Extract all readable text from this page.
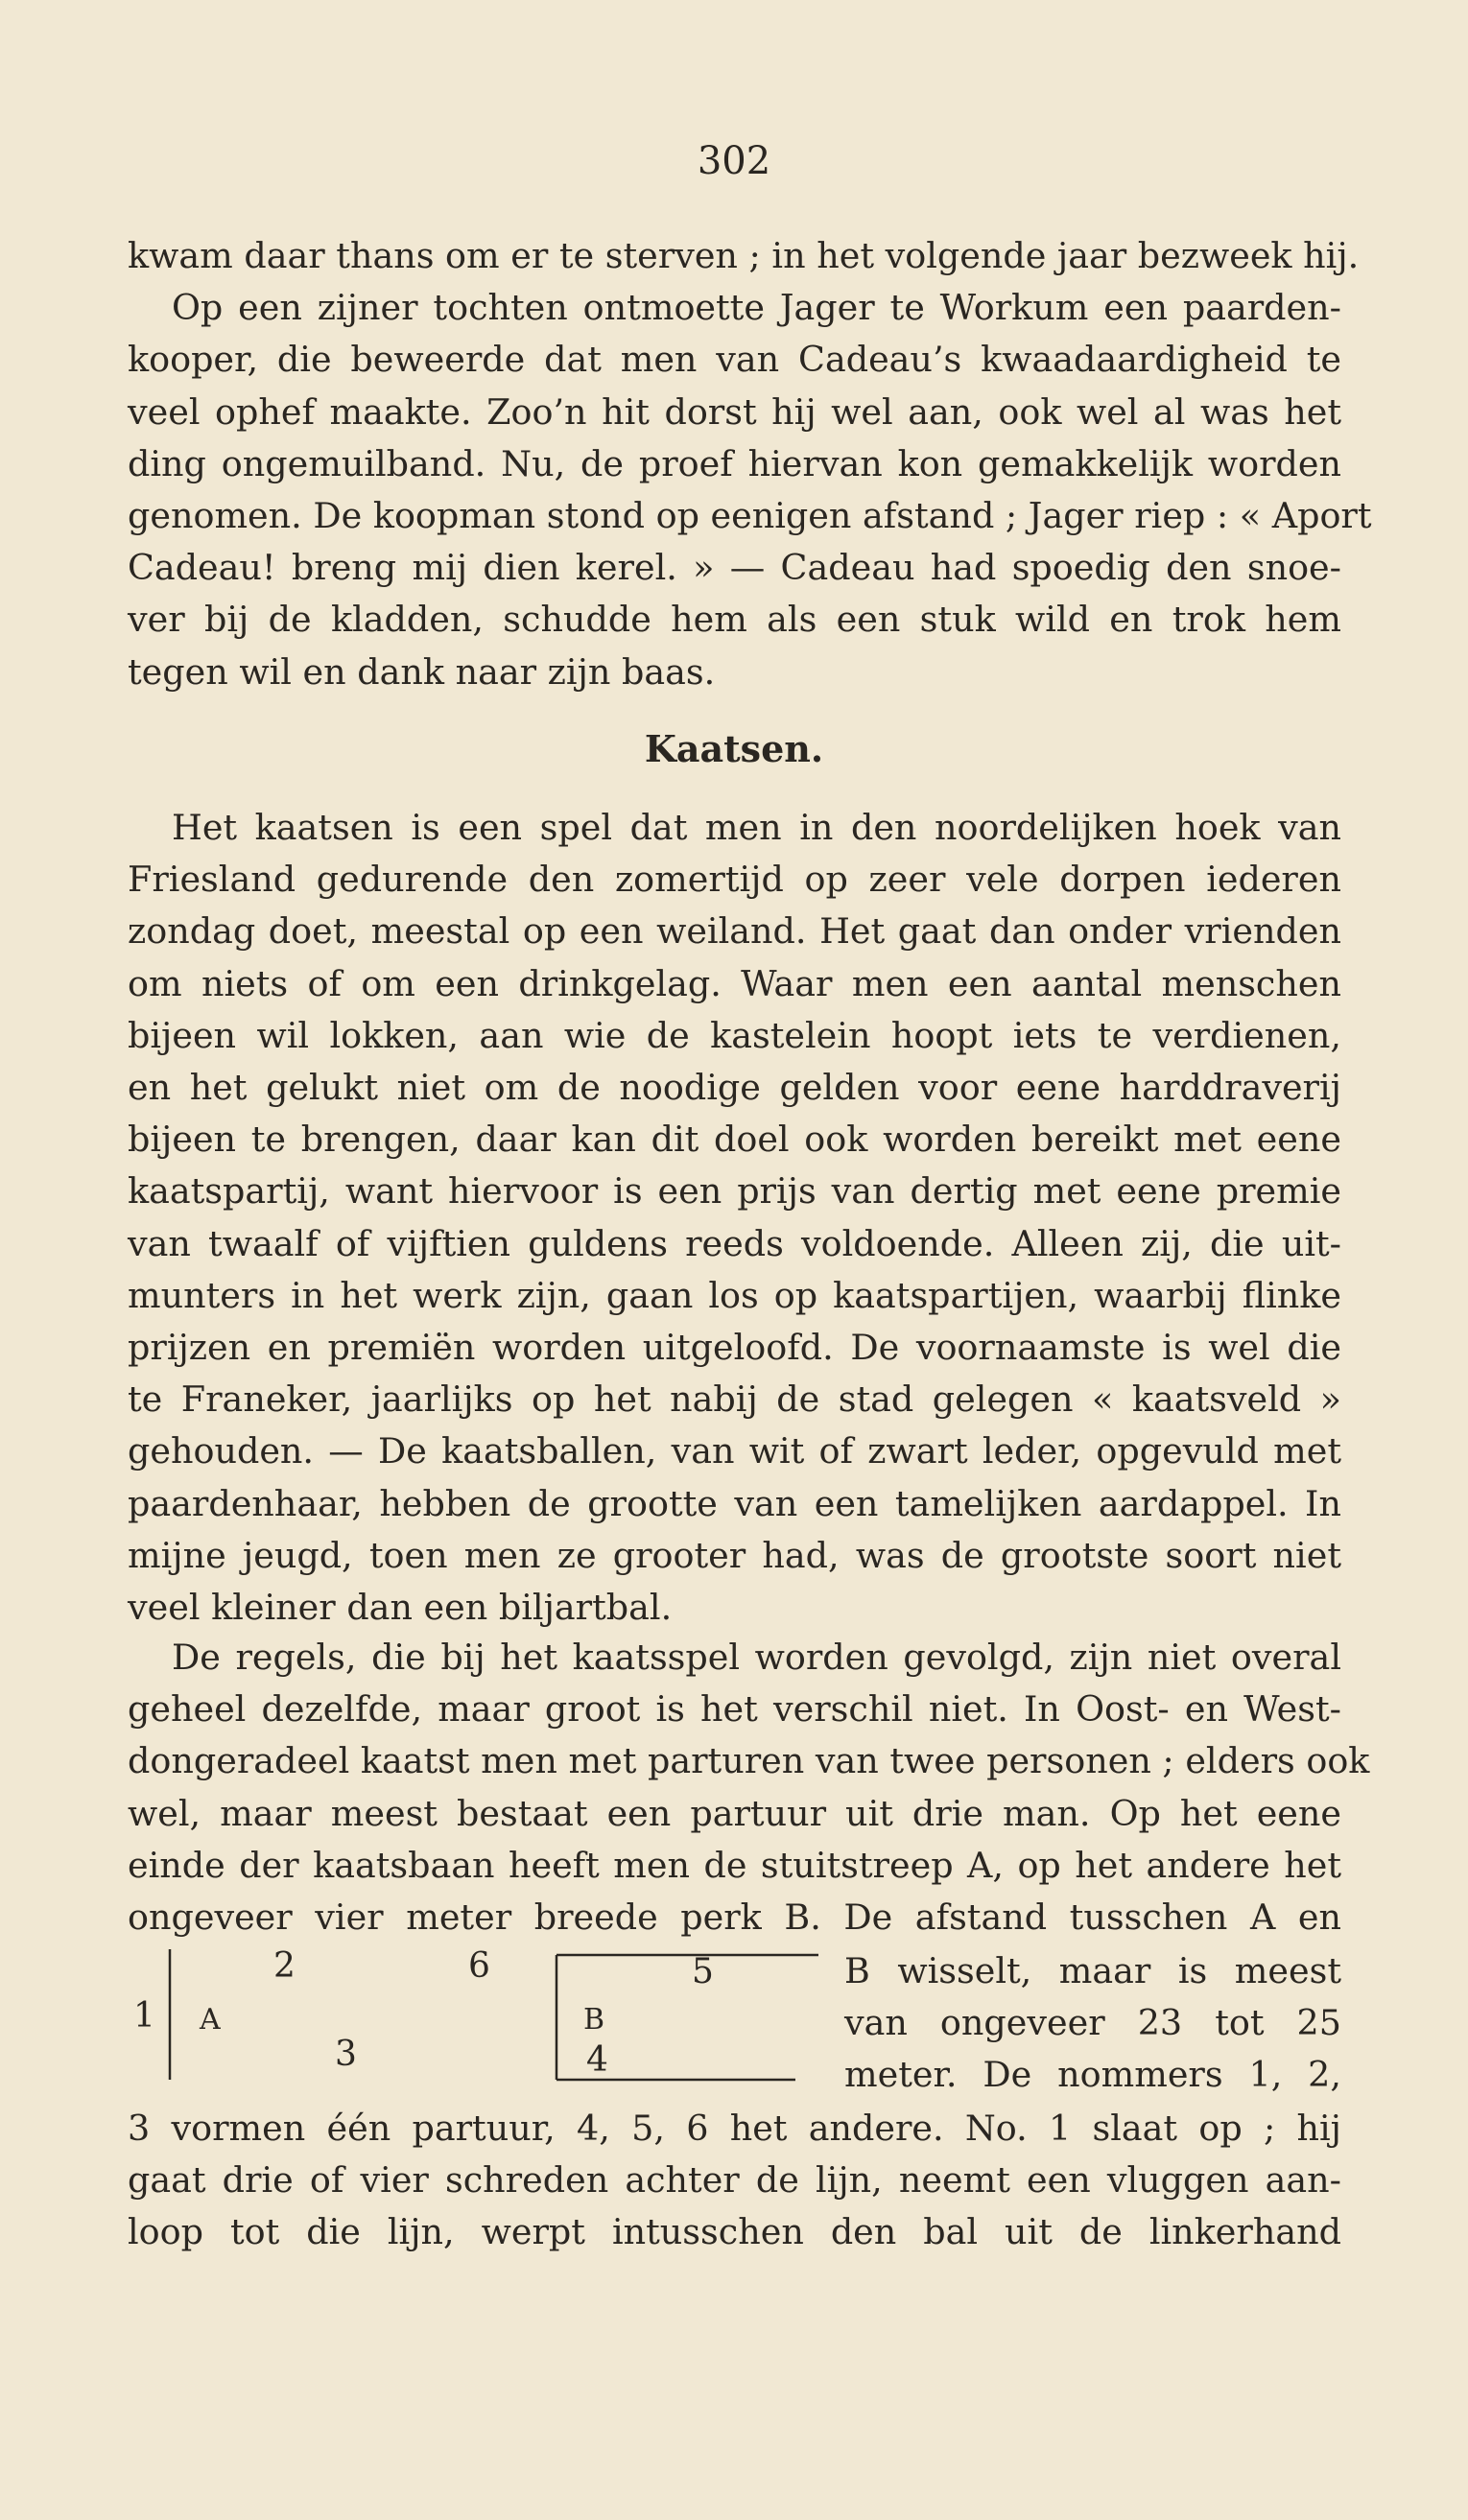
302
kwam daar thans om er te sterven ; in het volgende jaar bezweek hij.
Op een zijner tochten ontmoette Jager te Workum een paarden-
kooper, die beweerde dat men van Cadeau’s kwaadaardigheid te
veel ophef maakte. Zoo’n hit dorst hij wel aan, ook wel al was het
ding ongemuilband. Nu, de proef hiervan kon gemakkelijk worden
genomen. De koopman stond op eenigen afstand ; Jager riep : « Aport
Cadeau! breng mij dien kerel. » — Cadeau had spoedig den snoe-
ver bij de kladden, schudde hem als een stuk wild en trok hem
tegen wil en dank naar zijn baas.
Kaatsen.
Het kaatsen is een spel dat men in den noordelijken hoek van
Friesland gedurende den zomertijd op zeer vele dorpen iederen
zondag doet, meestal op een weiland. Het gaat dan onder vrienden
om niets of om een drinkgelag. Waar men een aantal menschen
bijeen wil lokken, aan wie de kastelein hoopt iets te verdienen,
en het gelukt niet om de noodige gelden voor eene harddraverij
bijeen te brengen, daar kan dit doel ook worden bereikt met eene
kaatspartij, want hiervoor is een prijs van dertig met eene premie
van twaalf of vijftien guldens reeds voldoende. Alleen zij, die uit-
munters in het werk zijn, gaan los op kaatspartijen, waarbij flinke
prijzen en premiën worden uitgeloofd. De voornaamste is wel die
te Franeker, jaarlijks op het nabij de stad gelegen « kaatsveld »
gehouden. — De kaatsballen, van wit of zwart leder, opgevuld met
paardenhaar, hebben de grootte van een tamelijken aardappel. In
mijne jeugd, toen men ze grooter had, was de grootste soort niet
veel kleiner dan een biljartbal.
De regels, die bij het kaatsspel worden gevolgd, zijn niet overal
geheel dezelfde, maar groot is het verschil niet. In Oost- en West-
dongeradeel kaatst men met parturen van twee personen ; elders ook
wel, maar meest bestaat een partuur uit drie man. Op het eene
einde der kaatsbaan heeft men de stuitstreep A, op het andere het
ongeveer vier meter breede perk B. De afstand tusschen A en
1
2
3	4
5
6
A	B
B wisselt, maar is meest
van ongeveer 23 tot 25
meter. De nommers 1, 2,
3 vormen één partuur, 4, 5, 6 het andere. No. 1 slaat op ; hij
gaat drie of vier schreden achter de lijn, neemt een vluggen aan-
loop tot die lijn, werpt intusschen den bal uit de linkerhand
